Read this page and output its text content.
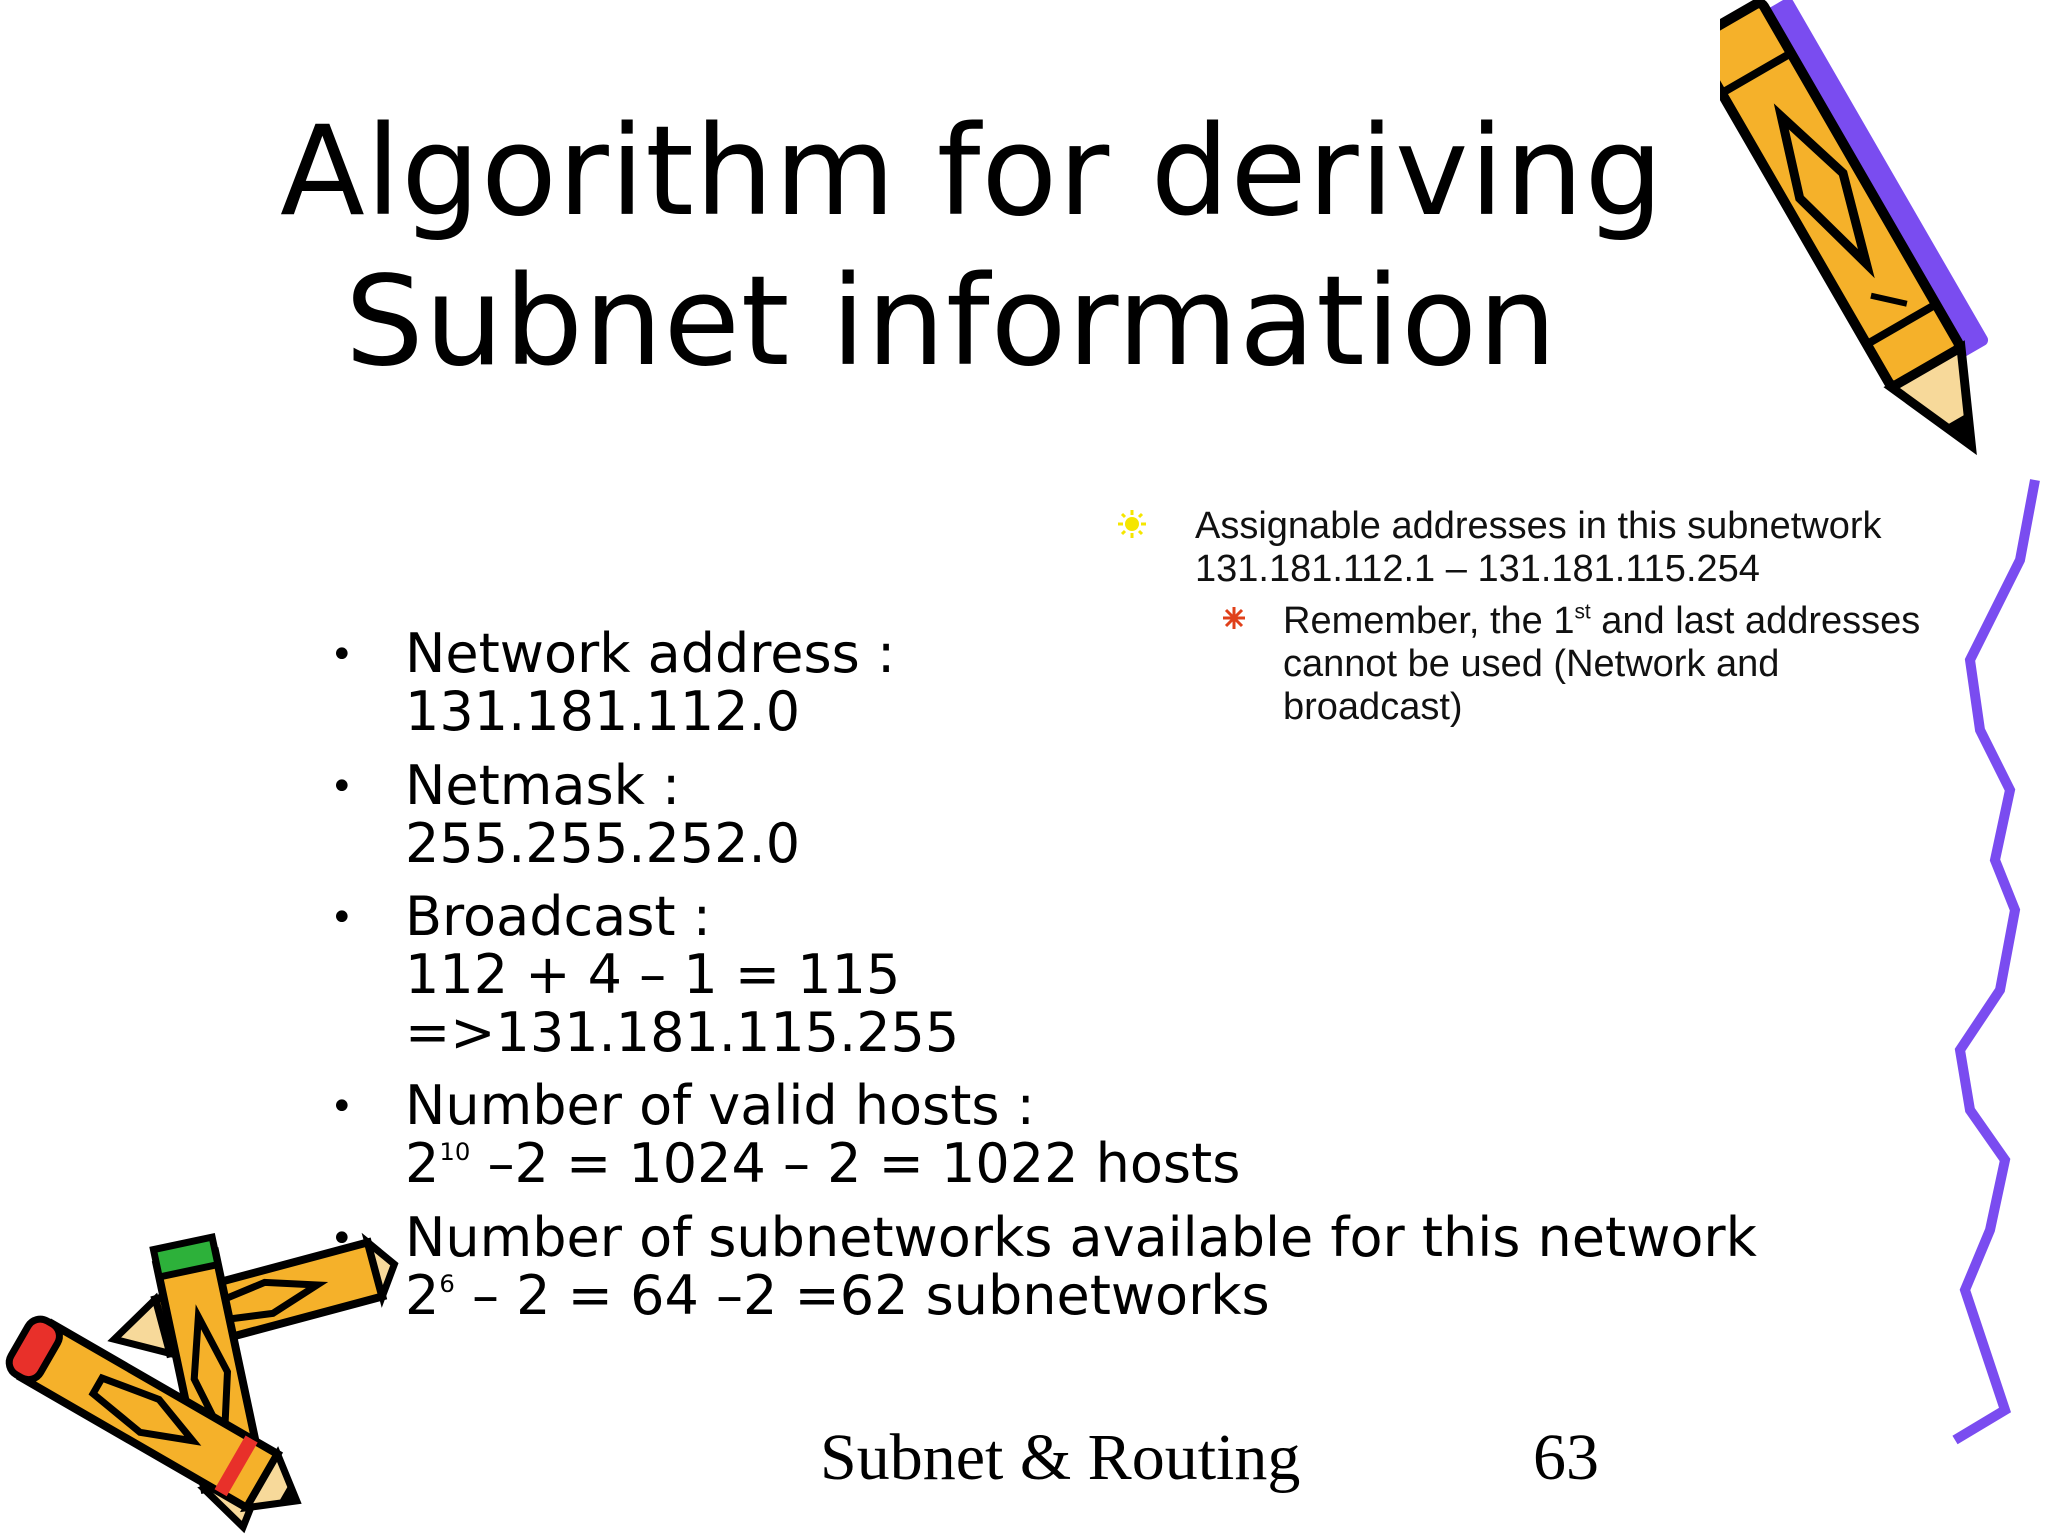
Algorithm for deriving
Subnet information
Assignable addresses in this subnetwork
131.181.112.1 – 131.181.115.254
Remember, the 1st and last addresses
cannot be used (Network and
broadcast)
• Network address :
131.181.112.0
• Netmask :
255.255.252.0
• Broadcast :
112 + 4 – 1 = 115
=>131.181.115.255
• Number of valid hosts :
$2^{10}$ –2 = 1024 – 2 = 1022 hosts
• Number of subnetworks available for this network
$2^6 - 2 = 64$ –2 =62 subnetworks
Subnet & Routing	63
